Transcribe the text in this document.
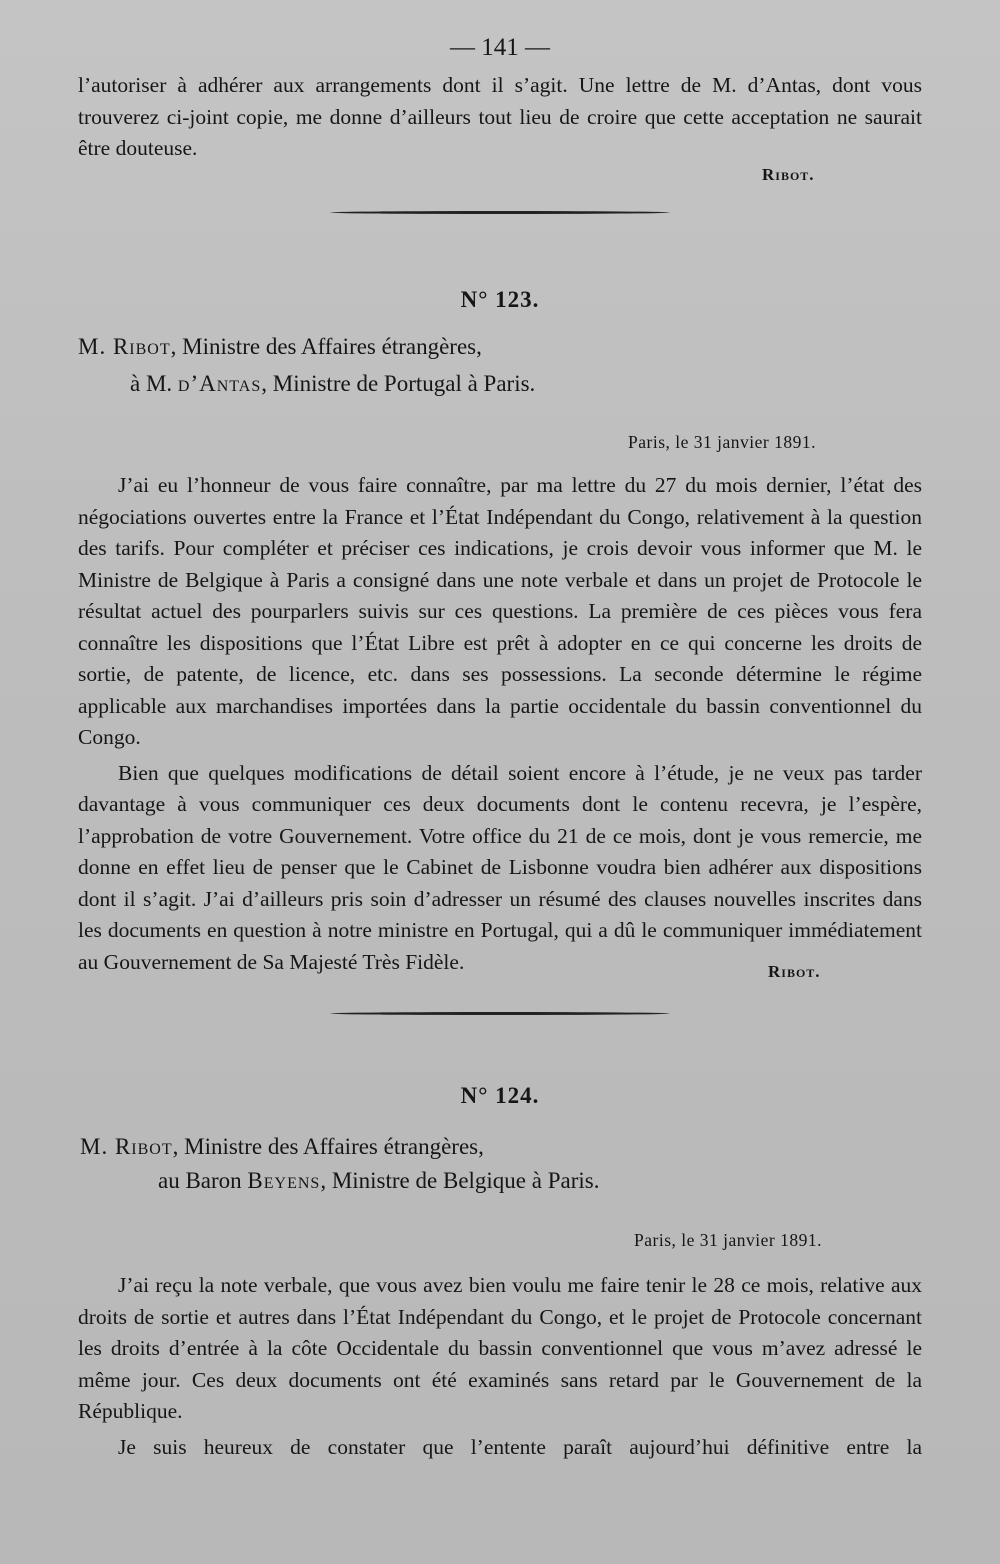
— 141 —

l’autoriser à adhérer aux arrangements dont il s’agit. Une lettre de M. d’Antas, dont vous trouverez ci-joint copie, me donne d’ailleurs tout lieu de croire que cette acceptation ne saurait être douteuse.

Ribot.
N° 123.
M. Ribot, Ministre des Affaires étrangères,
à M. d’Antas, Ministre de Portugal à Paris.
Paris, le 31 janvier 1891.

J’ai eu l’honneur de vous faire connaître, par ma lettre du 27 du mois dernier, l’état des négociations ouvertes entre la France et l’État Indépendant du Congo, relativement à la question des tarifs. Pour compléter et préciser ces indications, je crois devoir vous informer que M. le Ministre de Belgique à Paris a consigné dans une note verbale et dans un projet de Protocole le résultat actuel des pourparlers suivis sur ces questions. La première de ces pièces vous fera connaître les dispositions que l’État Libre est prêt à adopter en ce qui concerne les droits de sortie, de patente, de licence, etc. dans ses possessions. La seconde détermine le régime applicable aux marchandises importées dans la partie occidentale du bassin conventionnel du Congo.

Bien que quelques modifications de détail soient encore à l’étude, je ne veux pas tarder davantage à vous communiquer ces deux documents dont le contenu recevra, je l’espère, l’approbation de votre Gouvernement. Votre office du 21 de ce mois, dont je vous remercie, me donne en effet lieu de penser que le Cabinet de Lisbonne voudra bien adhérer aux dispositions dont il s’agit. J’ai d’ailleurs pris soin d’adresser un résumé des clauses nouvelles inscrites dans les documents en question à notre ministre en Portugal, qui a dû le communiquer immédiatement au Gouvernement de Sa Majesté Très Fidèle.	Ribot.
N° 124.
M. Ribot, Ministre des Affaires étrangères,
au Baron Beyens, Ministre de Belgique à Paris.
Paris, le 31 janvier 1891.

J’ai reçu la note verbale, que vous avez bien voulu me faire tenir le 28 ce mois, relative aux droits de sortie et autres dans l’État Indépendant du Congo, et le projet de Protocole concernant les droits d’entrée à la côte Occidentale du bassin conventionnel que vous m’avez adressé le même jour. Ces deux documents ont été examinés sans retard par le Gouvernement de la République.

Je suis heureux de constater que l’entente paraît aujourd’hui définitive entre la
